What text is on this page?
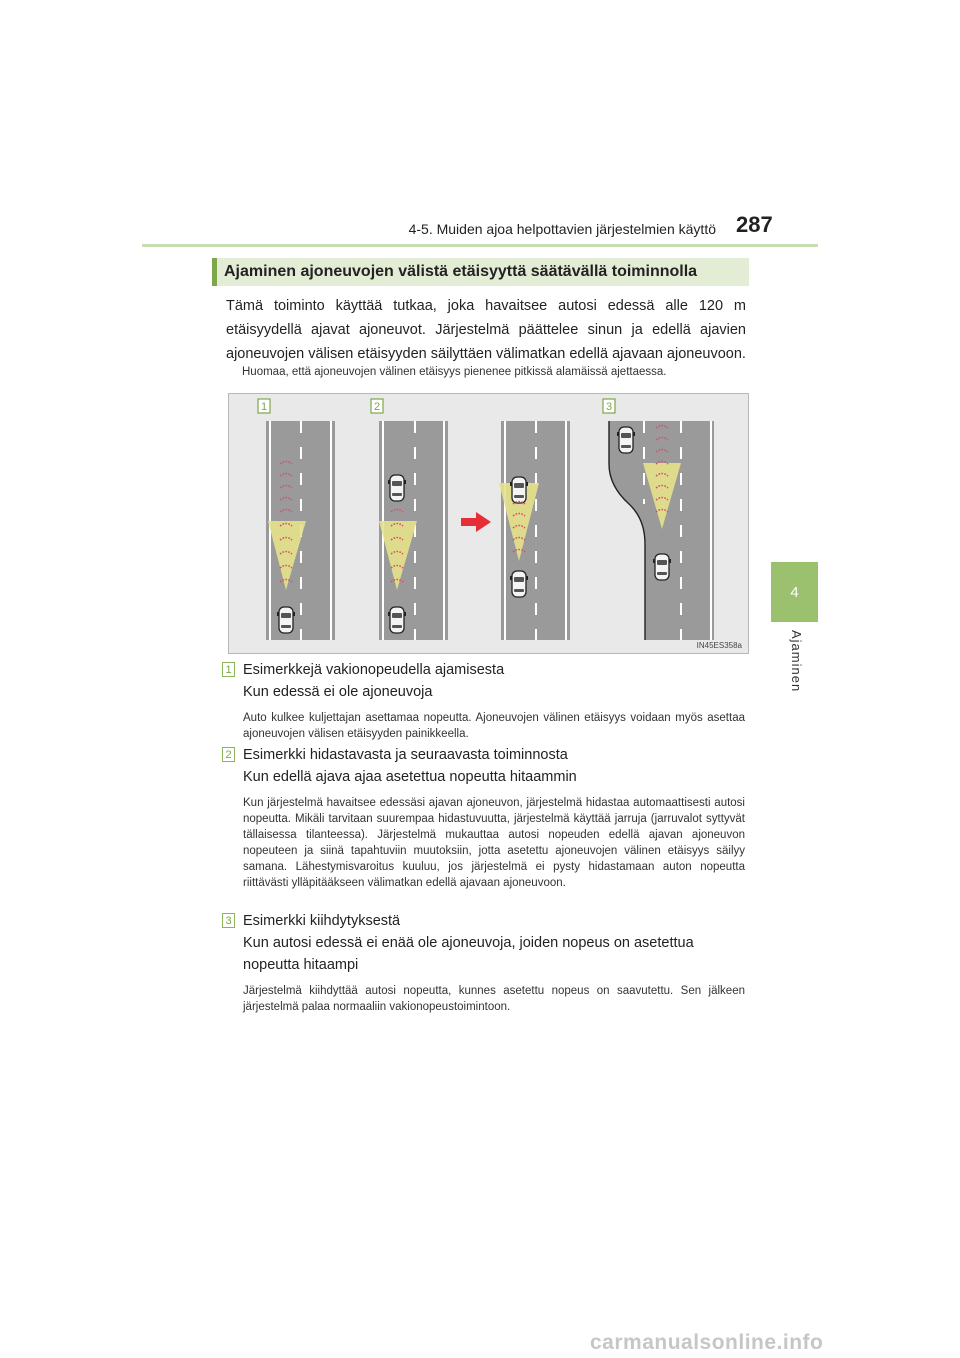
4-5. Muiden ajoa helpottavien järjestelmien käyttö 287
4
Ajaminen
Ajaminen ajoneuvojen välistä etäisyyttä säätävällä toiminnolla
Tämä toiminto käyttää tutkaa, joka havaitsee autosi edessä alle 120 m etäisyydellä ajavat ajoneuvot. Järjestelmä päättelee sinun ja edellä ajavien ajoneuvojen välisen etäisyyden säilyttäen välimatkan edellä ajavaan ajoneuvoon.
Huomaa, että ajoneuvojen välinen etäisyys pienenee pitkissä alamäissä ajettaessa.
1	2	3
IN45ES358a
1 Esimerkkejä vakionopeudella ajamisesta
Kun edessä ei ole ajoneuvoja
Auto kulkee kuljettajan asettamaa nopeutta. Ajoneuvojen välinen etäisyys voidaan myös asettaa ajoneuvojen välisen etäisyyden painikkeella.
2 Esimerkki hidastavasta ja seuraavasta toiminnosta
Kun edellä ajava ajaa asetettua nopeutta hitaammin
Kun järjestelmä havaitsee edessäsi ajavan ajoneuvon, järjestelmä hidastaa automaattisesti autosi nopeutta. Mikäli tarvitaan suurempaa hidastuvuutta, järjestelmä käyttää jarruja (jarruvalot syttyvät tällaisessa tilanteessa). Järjestelmä mukauttaa autosi nopeuden edellä ajavan ajoneuvon nopeuteen ja siinä tapahtuviin muutoksiin, jotta asetettu ajoneuvojen välinen etäisyys säilyy samana. Lähestymisvaroitus kuuluu, jos järjestelmä ei pysty hidastamaan auton nopeutta riittävästi ylläpitääkseen välimatkan edellä ajavaan ajoneuvoon.
3 Esimerkki kiihdytyksestä
Kun autosi edessä ei enää ole ajoneuvoja, joiden nopeus on asetettua nopeutta hitaampi
Järjestelmä kiihdyttää autosi nopeutta, kunnes asetettu nopeus on saavutettu. Sen jälkeen järjestelmä palaa normaaliin vakionopeustoimintoon.
carmanualsonline.info
